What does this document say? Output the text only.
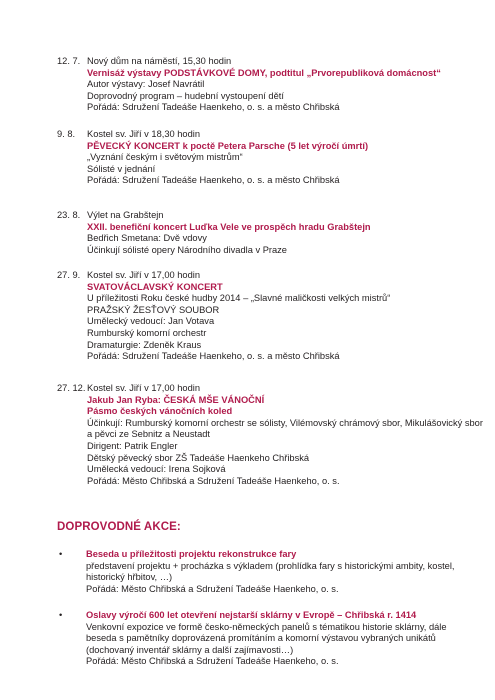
12. 7. Nový dům na náměstí, 15,30 hodin
Vernisáž výstavy PODSTÁVKOVÉ DOMY, podtitul „Prvorepubliková domácnost“
Autor výstavy: Josef Navrátil
Doprovodný program – hudební vystoupení dětí
Pořádá: Sdružení Tadeáše Haenkeho, o. s. a město Chřibská
9. 8.	Kostel sv. Jiří v 18,30 hodin
PĚVECKÝ KONCERT k poctě Petera Parsche (5 let výročí úmrtí)
„Vyznání českým i světovým mistrům“
Sólisté v jednání
Pořádá: Sdružení Tadeáše Haenkeho, o. s. a město Chřibská
23. 8. Výlet na Grabštejn
XXII. benefiční koncert Luďka Vele ve prospěch hradu Grabštejn
Bedřich Smetana: Dvě vdovy
Účinkují sólisté opery Národního divadla v Praze
27. 9. Kostel sv. Jiří v 17,00 hodin
SVATOVÁCLAVSKÝ KONCERT
U příležitosti Roku české hudby 2014 – „Slavné maličkosti velkých mistrů“
PRAŽSKÝ ŽESŤOVÝ SOUBOR
Umělecký vedoucí: Jan Votava
Rumburský komorní orchestr
Dramaturgie: Zdeněk Kraus
Pořádá: Sdružení Tadeáše Haenkeho, o. s. a město Chřibská
27. 12. Kostel sv. Jiří v 17,00 hodin
Jakub Jan Ryba: ČESKÁ MŠE VÁNOČNÍ
Pásmo českých vánočních koled
Účinkují: Rumburský komorní orchestr se sólisty, Vilémovský chrámový sbor, Mikulášovický sbor a pěvci ze Sebnitz a Neustadt
Dirigent: Patrik Engler
Dětský pěvecký sbor ZŠ Tadeáše Haenkeho Chřibská
Umělecká vedoucí: Irena Sojková
Pořádá: Město Chřibská a Sdružení Tadeáše Haenkeho, o. s.
DOPROVODNÉ AKCE:
•	Beseda u příležitosti projektu rekonstrukce fary
představení projektu + procházka s výkladem (prohlídka fary s historickými ambity, kostel, historický hřbitov, …)
Pořádá: Město Chřibská a Sdružení Tadeáše Haenkeho, o. s.
•	Oslavy výročí 600 let otevření nejstarší sklárny v Evropě – Chřibská r. 1414
Venkovní expozice ve formě česko-německých panelů s tématikou historie sklárny, dále beseda s pamětníky doprovázená promítáním a komorní výstavou vybraných unikátů (dochovaný inventář sklárny a další zajímavosti…)
Pořádá: Město Chřibská a Sdružení Tadeáše Haenkeho, o. s.
